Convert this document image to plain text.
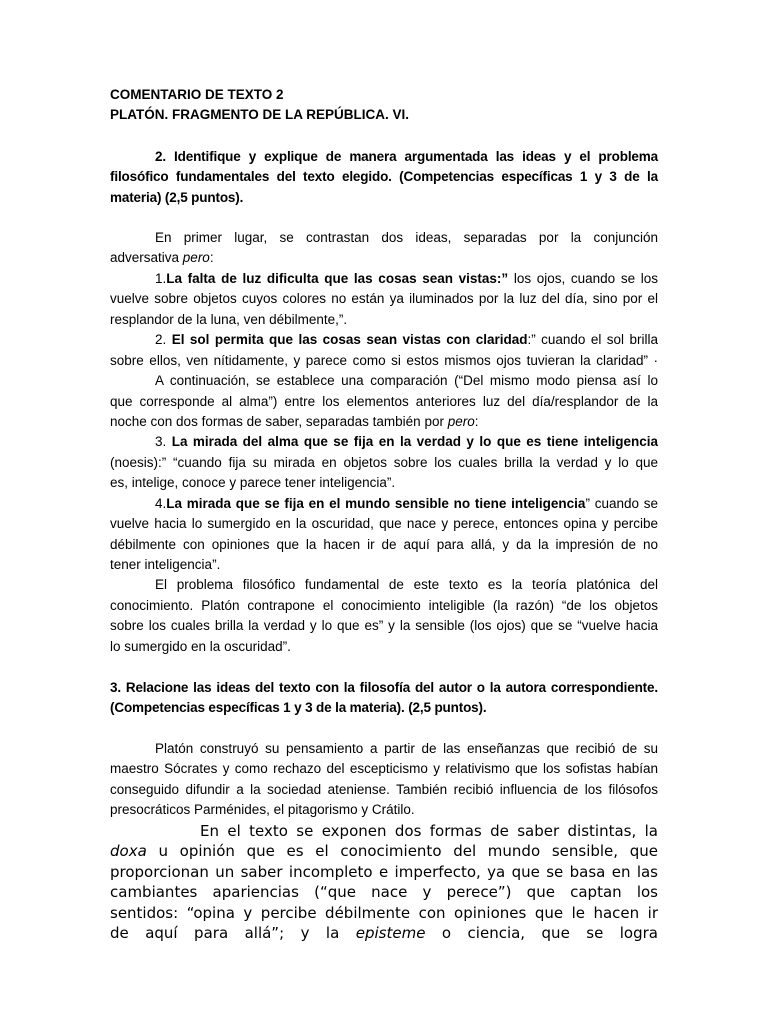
COMENTARIO DE TEXTO 2
PLATÓN. FRAGMENTO DE LA REPÚBLICA. VI.
2. Identifique y explique de manera argumentada las ideas y el problema
filosófico fundamentales del texto elegido. (Competencias específicas 1 y 3 de la
materia) (2,5 puntos).
En primer lugar, se contrastan dos ideas, separadas por la conjunción
adversativa pero:
1.La falta de luz dificulta que las cosas sean vistas:” los ojos, cuando se los
vuelve sobre objetos cuyos colores no están ya iluminados por la luz del día, sino por el
resplandor de la luna, ven débilmente,”.
2. El sol permita que las cosas sean vistas con claridad:” cuando el sol brilla
sobre ellos, ven nítidamente, y parece como si estos mismos ojos tuvieran la claridad” ·
A continuación, se establece una comparación (“Del mismo modo piensa así lo
que corresponde al alma”) entre los elementos anteriores luz del día/resplandor de la
noche con dos formas de saber, separadas también por pero:
3. La mirada del alma que se fija en la verdad y lo que es tiene inteligencia
(noesis):” “cuando fija su mirada en objetos sobre los cuales brilla la verdad y lo que
es, intelige, conoce y parece tener inteligencia”.
4.La mirada que se fija en el mundo sensible no tiene inteligencia” cuando se
vuelve hacia lo sumergido en la oscuridad, que nace y perece, entonces opina y percibe
débilmente con opiniones que la hacen ir de aquí para allá, y da la impresión de no
tener inteligencia”.
El problema filosófico fundamental de este texto es la teoría platónica del
conocimiento. Platón contrapone el conocimiento inteligible (la razón) “de los objetos
sobre los cuales brilla la verdad y lo que es” y la sensible (los ojos) que se “vuelve hacia
lo sumergido en la oscuridad”.
3. Relacione las ideas del texto con la filosofía del autor o la autora correspondiente.
(Competencias específicas 1 y 3 de la materia). (2,5 puntos).
Platón construyó su pensamiento a partir de las enseñanzas que recibió de su
maestro Sócrates y como rechazo del escepticismo y relativismo que los sofistas habían
conseguido difundir a la sociedad ateniense. También recibió influencia de los filósofos
presocráticos Parménides, el pitagorismo y Crátilo.
En el texto se exponen dos formas de saber distintas, la
doxa u opinión que es el conocimiento del mundo sensible, que
proporcionan un saber incompleto e imperfecto, ya que se basa en las
cambiantes apariencias (“que nace y perece”) que captan los
sentidos: “opina y percibe débilmente con opiniones que le hacen ir
de aquí para allá”; y la episteme o ciencia, que se logra
